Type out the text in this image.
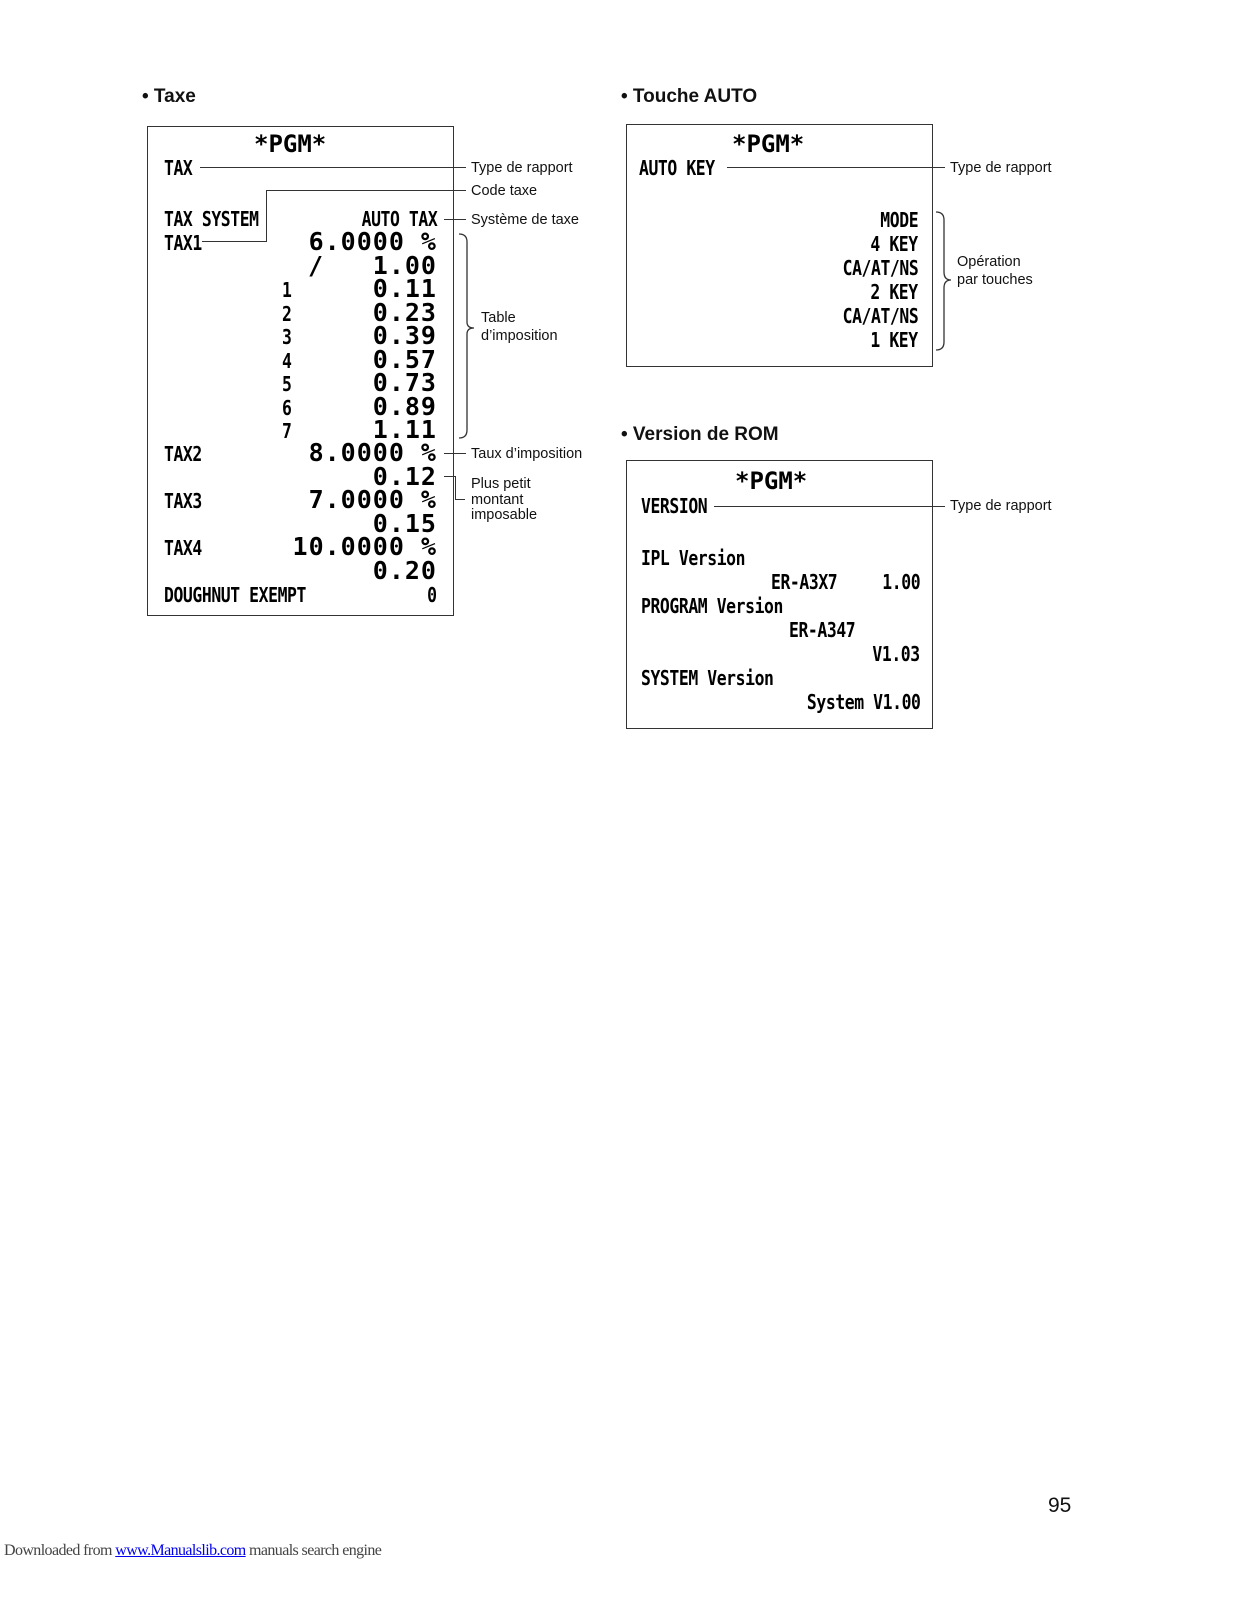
• Taxe
*PGM*
TAX
TAX SYSTEM	AUTO TAX
TAX1	6.0000 %
/ 1.00
1	0.11
2	0.23
3	0.39
4	0.57
5	0.73
6	0.89
7	1.11
TAX2	8.0000 %
0.12
TAX3	7.0000 %
0.15
TAX4	10.0000 %
0.20
DOUGHNUT EXEMPT	0
Type de rapport
Code taxe
Système de taxe
Table
d’imposition
Taux d’imposition
Plus petit
montant
imposable
• Touche AUTO
*PGM*
AUTO KEY
MODE
4 KEY
CA/AT/NS
2 KEY
CA/AT/NS
1 KEY
Type de rapport
Opération
par touches
• Version de ROM
*PGM*
VERSION
IPL Version
ER-A3X7 1.00
PROGRAM Version
ER-A347
V1.03
SYSTEM Version
System V1.00
Type de rapport
95
Downloaded from www.Manualslib.com manuals search engine
